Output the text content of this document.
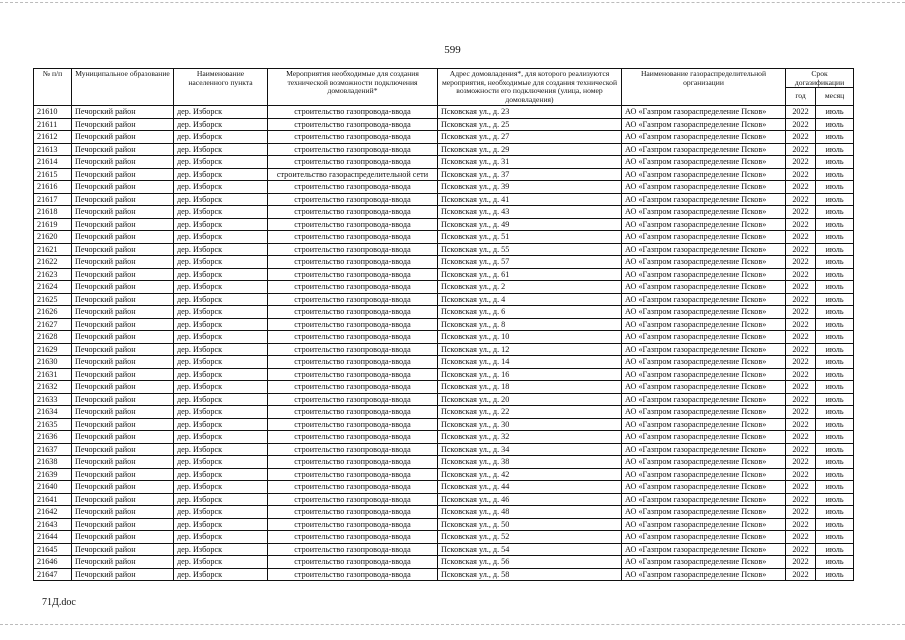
599
№ п/п	Муниципальное образование	Наименование населенного пункта	Мероприятия необходимые для создания технической возможности подключения домовладений*	Адрес домовладения*, для которого реализуются мероприятия, необходимые для создания технической возможности его подключения (улица, номер домовладения)	Наименование газораспределительной организации	Срок догазификации	
						год	месяц
21610	Печорский район	дер. Изборск	строительство газопровода-ввода	Псковская ул., д. 23	АО «Газпром газораспределение Псков»	2022	июль
21611	Печорский район	дер. Изборск	строительство газопровода-ввода	Псковская ул., д. 25	АО «Газпром газораспределение Псков»	2022	июль
21612	Печорский район	дер. Изборск	строительство газопровода-ввода	Псковская ул., д. 27	АО «Газпром газораспределение Псков»	2022	июль
21613	Печорский район	дер. Изборск	строительство газопровода-ввода	Псковская ул., д. 29	АО «Газпром газораспределение Псков»	2022	июль
21614	Печорский район	дер. Изборск	строительство газопровода-ввода	Псковская ул., д. 31	АО «Газпром газораспределение Псков»	2022	июль
21615	Печорский район	дер. Изборск	строительство газораспределительной сети	Псковская ул., д. 37	АО «Газпром газораспределение Псков»	2022	июль
21616	Печорский район	дер. Изборск	строительство газопровода-ввода	Псковская ул., д. 39	АО «Газпром газораспределение Псков»	2022	июль
21617	Печорский район	дер. Изборск	строительство газопровода-ввода	Псковская ул., д. 41	АО «Газпром газораспределение Псков»	2022	июль
21618	Печорский район	дер. Изборск	строительство газопровода-ввода	Псковская ул., д. 43	АО «Газпром газораспределение Псков»	2022	июль
21619	Печорский район	дер. Изборск	строительство газопровода-ввода	Псковская ул., д. 49	АО «Газпром газораспределение Псков»	2022	июль
21620	Печорский район	дер. Изборск	строительство газопровода-ввода	Псковская ул., д. 51	АО «Газпром газораспределение Псков»	2022	июль
21621	Печорский район	дер. Изборск	строительство газопровода-ввода	Псковская ул., д. 55	АО «Газпром газораспределение Псков»	2022	июль
21622	Печорский район	дер. Изборск	строительство газопровода-ввода	Псковская ул., д. 57	АО «Газпром газораспределение Псков»	2022	июль
21623	Печорский район	дер. Изборск	строительство газопровода-ввода	Псковская ул., д. 61	АО «Газпром газораспределение Псков»	2022	июль
21624	Печорский район	дер. Изборск	строительство газопровода-ввода	Псковская ул., д. 2	АО «Газпром газораспределение Псков»	2022	июль
21625	Печорский район	дер. Изборск	строительство газопровода-ввода	Псковская ул., д. 4	АО «Газпром газораспределение Псков»	2022	июль
21626	Печорский район	дер. Изборск	строительство газопровода-ввода	Псковская ул., д. 6	АО «Газпром газораспределение Псков»	2022	июль
21627	Печорский район	дер. Изборск	строительство газопровода-ввода	Псковская ул., д. 8	АО «Газпром газораспределение Псков»	2022	июль
21628	Печорский район	дер. Изборск	строительство газопровода-ввода	Псковская ул., д. 10	АО «Газпром газораспределение Псков»	2022	июль
21629	Печорский район	дер. Изборск	строительство газопровода-ввода	Псковская ул., д. 12	АО «Газпром газораспределение Псков»	2022	июль
21630	Печорский район	дер. Изборск	строительство газопровода-ввода	Псковская ул., д. 14	АО «Газпром газораспределение Псков»	2022	июль
21631	Печорский район	дер. Изборск	строительство газопровода-ввода	Псковская ул., д. 16	АО «Газпром газораспределение Псков»	2022	июль
21632	Печорский район	дер. Изборск	строительство газопровода-ввода	Псковская ул., д. 18	АО «Газпром газораспределение Псков»	2022	июль
21633	Печорский район	дер. Изборск	строительство газопровода-ввода	Псковская ул., д. 20	АО «Газпром газораспределение Псков»	2022	июль
21634	Печорский район	дер. Изборск	строительство газопровода-ввода	Псковская ул., д. 22	АО «Газпром газораспределение Псков»	2022	июль
21635	Печорский район	дер. Изборск	строительство газопровода-ввода	Псковская ул., д. 30	АО «Газпром газораспределение Псков»	2022	июль
21636	Печорский район	дер. Изборск	строительство газопровода-ввода	Псковская ул., д. 32	АО «Газпром газораспределение Псков»	2022	июль
21637	Печорский район	дер. Изборск	строительство газопровода-ввода	Псковская ул., д. 34	АО «Газпром газораспределение Псков»	2022	июль
21638	Печорский район	дер. Изборск	строительство газопровода-ввода	Псковская ул., д. 38	АО «Газпром газораспределение Псков»	2022	июль
21639	Печорский район	дер. Изборск	строительство газопровода-ввода	Псковская ул., д. 42	АО «Газпром газораспределение Псков»	2022	июль
21640	Печорский район	дер. Изборск	строительство газопровода-ввода	Псковская ул., д. 44	АО «Газпром газораспределение Псков»	2022	июль
21641	Печорский район	дер. Изборск	строительство газопровода-ввода	Псковская ул., д. 46	АО «Газпром газораспределение Псков»	2022	июль
21642	Печорский район	дер. Изборск	строительство газопровода-ввода	Псковская ул., д. 48	АО «Газпром газораспределение Псков»	2022	июль
21643	Печорский район	дер. Изборск	строительство газопровода-ввода	Псковская ул., д. 50	АО «Газпром газораспределение Псков»	2022	июль
21644	Печорский район	дер. Изборск	строительство газопровода-ввода	Псковская ул., д. 52	АО «Газпром газораспределение Псков»	2022	июль
21645	Печорский район	дер. Изборск	строительство газопровода-ввода	Псковская ул., д. 54	АО «Газпром газораспределение Псков»	2022	июль
21646	Печорский район	дер. Изборск	строительство газопровода-ввода	Псковская ул., д. 56	АО «Газпром газораспределение Псков»	2022	июль
21647	Печорский район	дер. Изборск	строительство газопровода-ввода	Псковская ул., д. 58	АО «Газпром газораспределение Псков»	2022	июль
71Д.doc
